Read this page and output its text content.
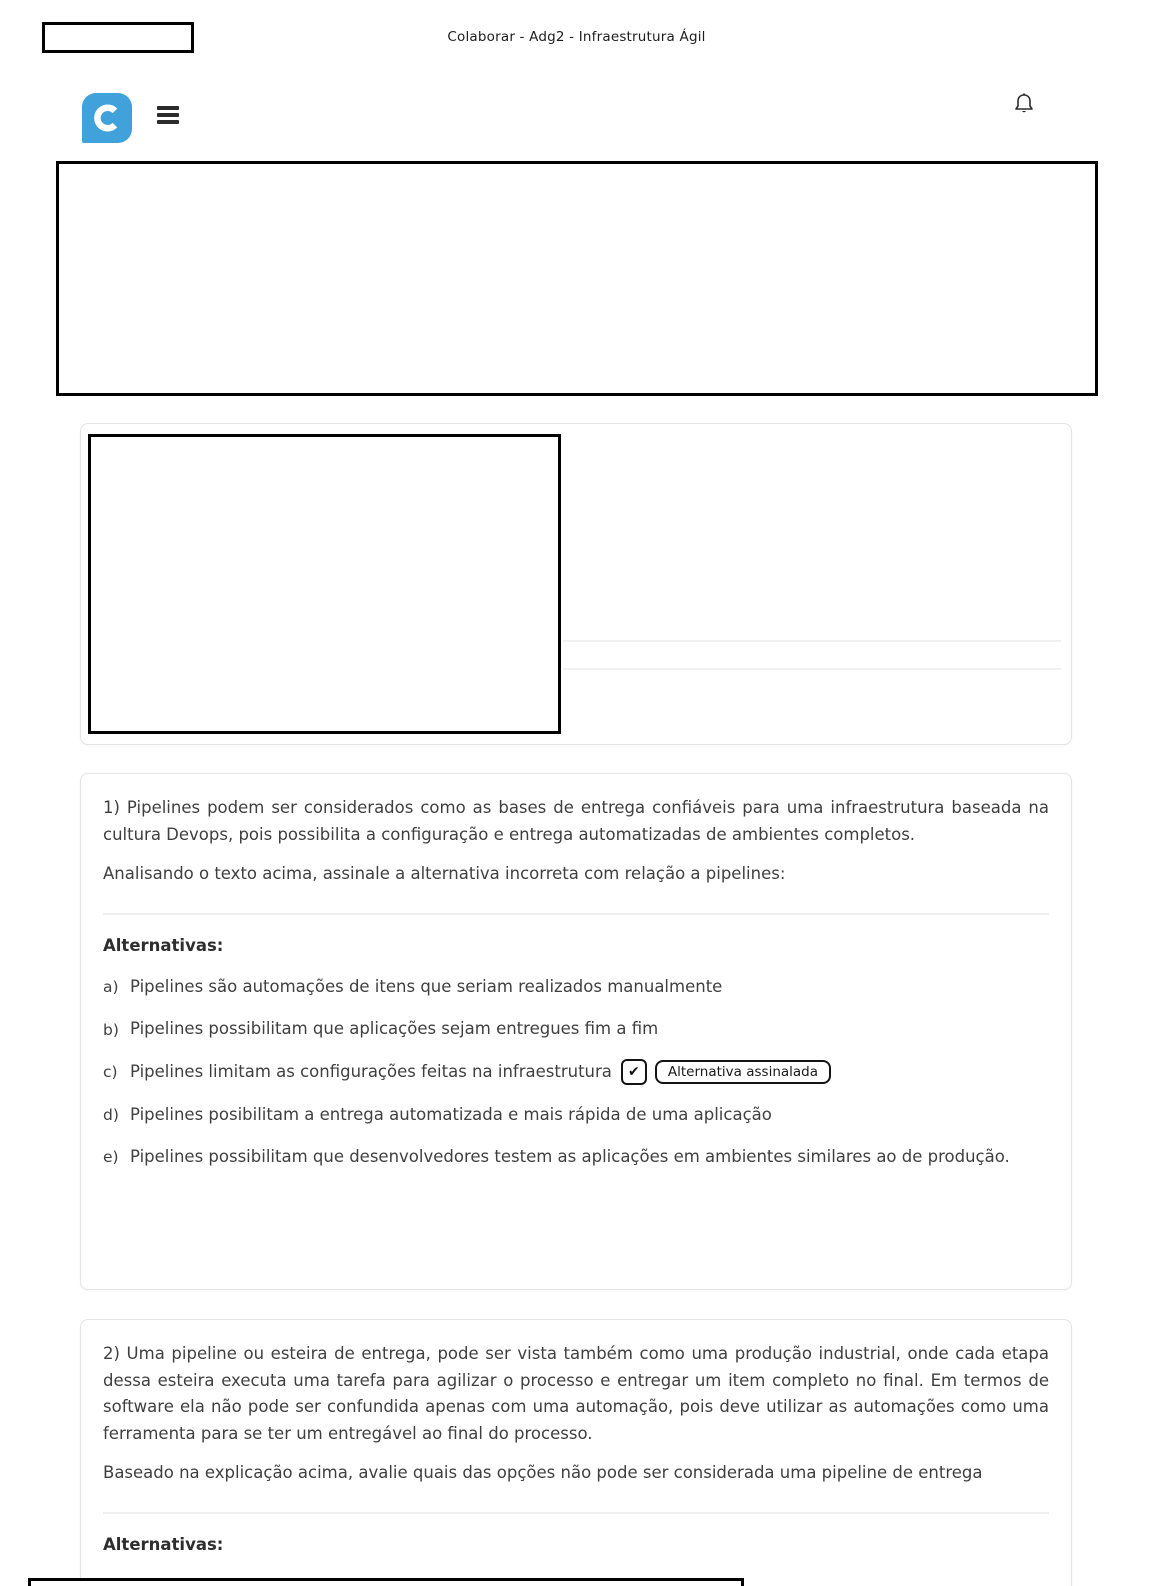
Colaborar - Adg2 - Infraestrutura Ágil

1) Pipelines podem ser considerados como as bases de entrega confiáveis para uma infraestrutura baseada na cultura Devops, pois possibilita a configuração e entrega automatizadas de ambientes completos.

Analisando o texto acima, assinale a alternativa incorreta com relação a pipelines:

Alternativas:
a) Pipelines são automações de itens que seriam realizados manualmente
b) Pipelines possibilitam que aplicações sejam entregues fim a fim
c) Pipelines limitam as configurações feitas na infraestrutura	✔	Alternativa assinalada
d) Pipelines posibilitam a entrega automatizada e mais rápida de uma aplicação
e) Pipelines possibilitam que desenvolvedores testem as aplicações em ambientes similares ao de produção.

2) Uma pipeline ou esteira de entrega, pode ser vista também como uma produção industrial, onde cada etapa dessa esteira executa uma tarefa para agilizar o processo e entregar um item completo no final. Em termos de software ela não pode ser confundida apenas com uma automação, pois deve utilizar as automações como uma ferramenta para se ter um entregável ao final do processo.

Baseado na explicação acima, avalie quais das opções não pode ser considerada uma pipeline de entrega

Alternativas:
